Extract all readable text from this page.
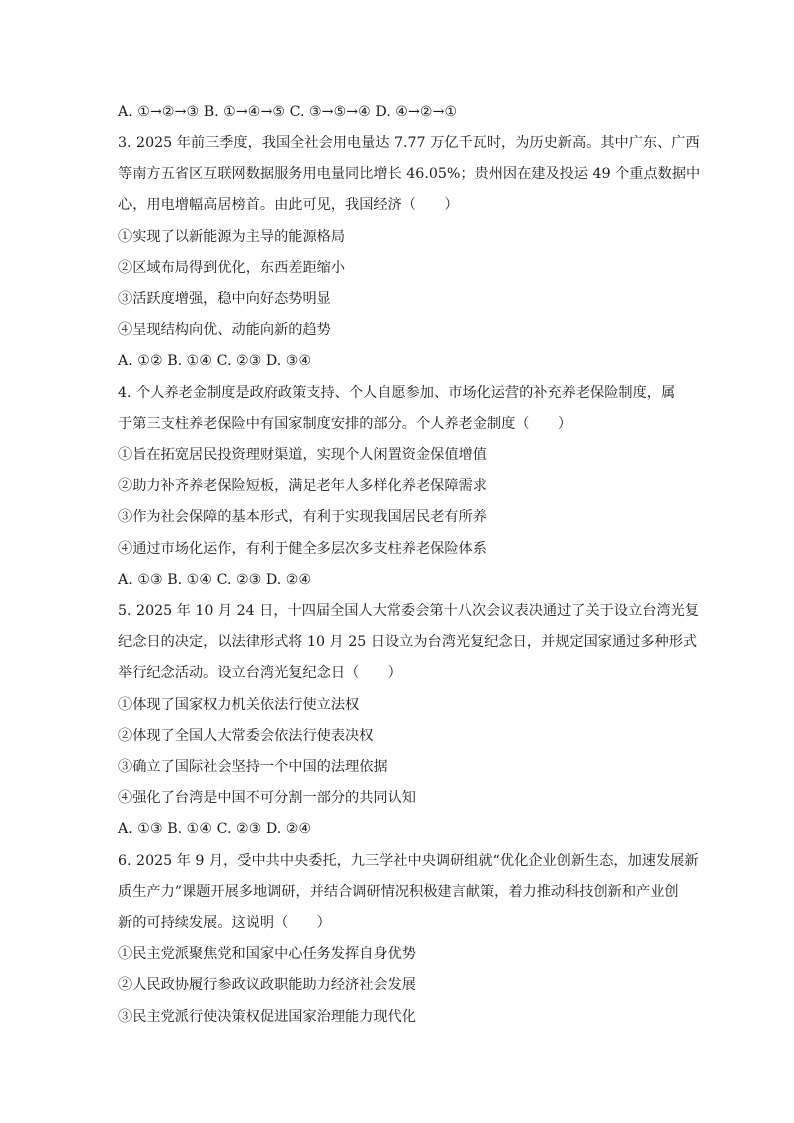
A. ①→②→③ B. ①→④→⑤ C. ③→⑤→④ D. ④→②→①
3. 2025 年前三季度，我国全社会用电量达 7.77 万亿千瓦时，为历史新高。其中广东、广西
等南方五省区互联网数据服务用电量同比增长 46.05%；贵州因在建及投运 49 个重点数据中
心，用电增幅高居榜首。由此可见，我国经济（　　）
①实现了以新能源为主导的能源格局
②区域布局得到优化，东西差距缩小
③活跃度增强，稳中向好态势明显
④呈现结构向优、动能向新的趋势
A. ①② B. ①④ C. ②③ D. ③④
4. 个人养老金制度是政府政策支持、个人自愿参加、市场化运营的补充养老保险制度，属
于第三支柱养老保险中有国家制度安排的部分。个人养老金制度（　　）
①旨在拓宽居民投资理财渠道，实现个人闲置资金保值增值
②助力补齐养老保险短板，满足老年人多样化养老保障需求
③作为社会保障的基本形式，有利于实现我国居民老有所养
④通过市场化运作，有利于健全多层次多支柱养老保险体系
A. ①③ B. ①④ C. ②③ D. ②④
5. 2025 年 10 月 24 日，十四届全国人大常委会第十八次会议表决通过了关于设立台湾光复
纪念日的决定，以法律形式将 10 月 25 日设立为台湾光复纪念日，并规定国家通过多种形式
举行纪念活动。设立台湾光复纪念日（　　）
①体现了国家权力机关依法行使立法权
②体现了全国人大常委会依法行使表决权
③确立了国际社会坚持一个中国的法理依据
④强化了台湾是中国不可分割一部分的共同认知
A. ①③ B. ①④ C. ②③ D. ②④
6. 2025 年 9 月，受中共中央委托，九三学社中央调研组就“优化企业创新生态，加速发展新
质生产力”课题开展多地调研，并结合调研情况积极建言献策，着力推动科技创新和产业创
新的可持续发展。这说明（　　）
①民主党派聚焦党和国家中心任务发挥自身优势
②人民政协履行参政议政职能助力经济社会发展
③民主党派行使决策权促进国家治理能力现代化
